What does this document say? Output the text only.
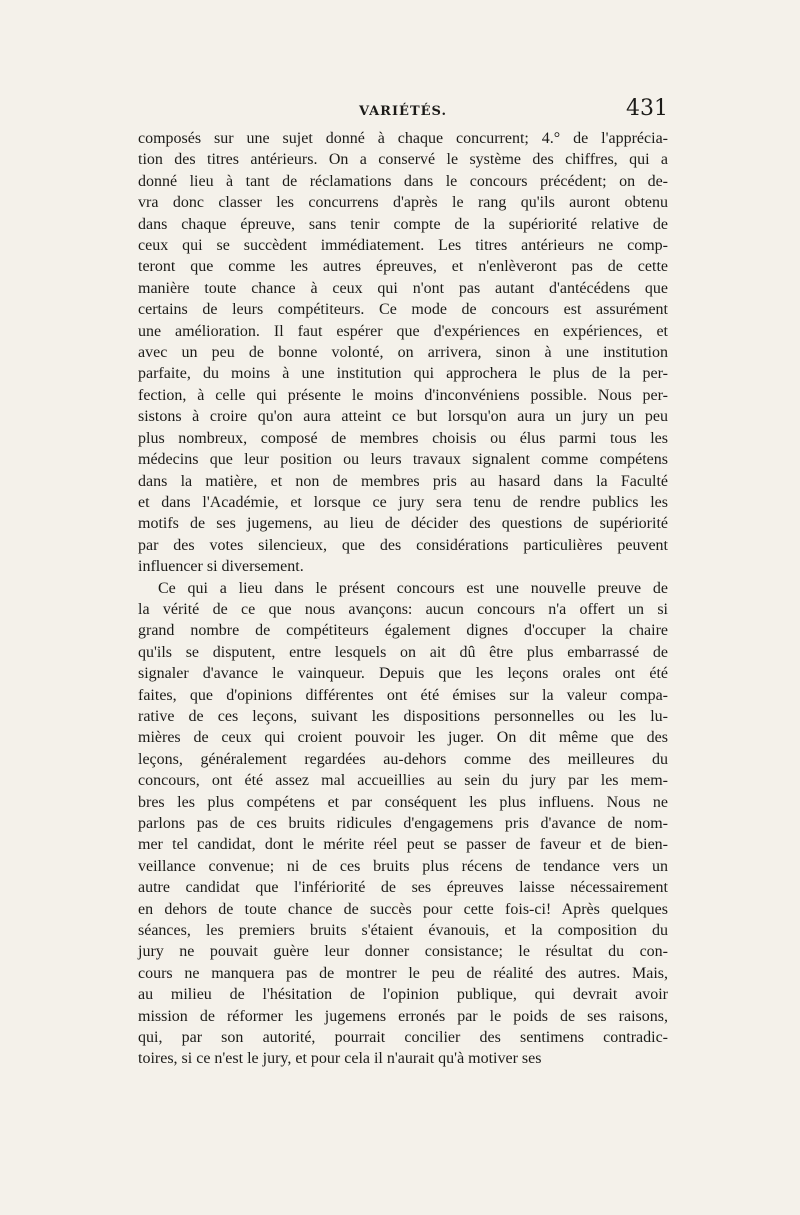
VARIÉTÉS.	431

composés sur une sujet donné à chaque concurrent; 4.° de l'apprécia-
tion des titres antérieurs. On a conservé le système des chiffres, qui a
donné lieu à tant de réclamations dans le concours précédent; on de-
vra donc classer les concurrens d'après le rang qu'ils auront obtenu
dans chaque épreuve, sans tenir compte de la supériorité relative de
ceux qui se succèdent immédiatement. Les titres antérieurs ne comp-
teront que comme les autres épreuves, et n'enlèveront pas de cette
manière toute chance à ceux qui n'ont pas autant d'antécédens que
certains de leurs compétiteurs. Ce mode de concours est assurément
une amélioration. Il faut espérer que d'expériences en expériences, et
avec un peu de bonne volonté, on arrivera, sinon à une institution
parfaite, du moins à une institution qui approchera le plus de la per-
fection, à celle qui présente le moins d'inconvéniens possible. Nous per-
sistons à croire qu'on aura atteint ce but lorsqu'on aura un jury un peu
plus nombreux, composé de membres choisis ou élus parmi tous les
médecins que leur position ou leurs travaux signalent comme compétens
dans la matière, et non de membres pris au hasard dans la Faculté
et dans l'Académie, et lorsque ce jury sera tenu de rendre publics les
motifs de ses jugemens, au lieu de décider des questions de supériorité
par des votes silencieux, que des considérations particulières peuvent
influencer si diversement.

Ce qui a lieu dans le présent concours est une nouvelle preuve de
la vérité de ce que nous avançons: aucun concours n'a offert un si
grand nombre de compétiteurs également dignes d'occuper la chaire
qu'ils se disputent, entre lesquels on ait dû être plus embarrassé de
signaler d'avance le vainqueur. Depuis que les leçons orales ont été
faites, que d'opinions différentes ont été émises sur la valeur compa-
rative de ces leçons, suivant les dispositions personnelles ou les lu-
mières de ceux qui croient pouvoir les juger. On dit même que des
leçons, généralement regardées au-dehors comme des meilleures du
concours, ont été assez mal accueillies au sein du jury par les mem-
bres les plus compétens et par conséquent les plus influens. Nous ne
parlons pas de ces bruits ridicules d'engagemens pris d'avance de nom-
mer tel candidat, dont le mérite réel peut se passer de faveur et de bien-
veillance convenue; ni de ces bruits plus récens de tendance vers un
autre candidat que l'infériorité de ses épreuves laisse nécessairement
en dehors de toute chance de succès pour cette fois-ci! Après quelques
séances, les premiers bruits s'étaient évanouis, et la composition du
jury ne pouvait guère leur donner consistance; le résultat du con-
cours ne manquera pas de montrer le peu de réalité des autres. Mais,
au milieu de l'hésitation de l'opinion publique, qui devrait avoir
mission de réformer les jugemens erronés par le poids de ses raisons,
qui, par son autorité, pourrait concilier des sentimens contradic-
toires, si ce n'est le jury, et pour cela il n'aurait qu'à motiver ses
